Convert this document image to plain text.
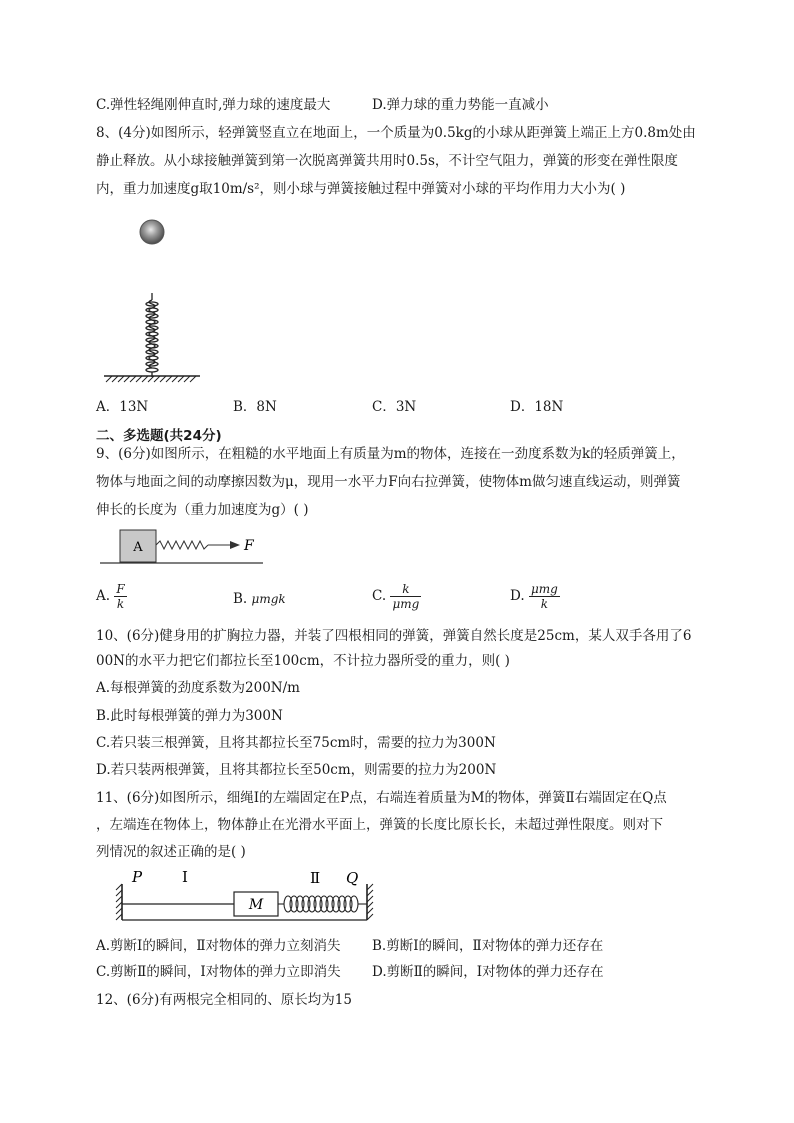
C.弹性轻绳刚伸直时,弹力球的速度最大	D.弹力球的重力势能一直减小
8、(4分)如图所示，轻弹簧竖直立在地面上，一个质量为0.5kg的小球从距弹簧上端正上方0.8m处由
静止释放。从小球接触弹簧到第一次脱离弹簧共用时0.5s，不计空气阻力，弹簧的形变在弹性限度
内，重力加速度g取10m/s²，则小球与弹簧接触过程中弹簧对小球的平均作用力大小为( )
A．13N	B．8N	C．3N	D．18N
二、多选题(共24分)
9、(6分)如图所示，在粗糙的水平地面上有质量为m的物体，连接在一劲度系数为k的轻质弹簧上，
物体与地面之间的动摩擦因数为μ，现用一水平力F向右拉弹簧，使物体m做匀速直线运动，则弹簧
伸长的长度为（重力加速度为g）( )
A	F
A. $\frac{F}{k}$	B. μmgk	C. $\frac{k}{\text{μmg}}$	D. $\frac{\text{μmg}}{k}$
10、(6分)健身用的扩胸拉力器，并装了四根相同的弹簧，弹簧自然长度是25cm，某人双手各用了6
00N的水平力把它们都拉长至100cm，不计拉力器所受的重力，则( )
A.每根弹簧的劲度系数为200N/m
B.此时每根弹簧的弹力为300N
C.若只装三根弹簧，且将其都拉长至75cm时，需要的拉力为300N
D.若只装两根弹簧，且将其都拉长至50cm，则需要的拉力为200N
11、(6分)如图所示，细绳Ⅰ的左端固定在P点，右端连着质量为M的物体，弹簧Ⅱ右端固定在Q点
，左端连在物体上，物体静止在光滑水平面上，弹簧的长度比原长长，未超过弹性限度。则对下
列情况的叙述正确的是( )
P	Ⅰ
M
Ⅱ Q
A.剪断Ⅰ的瞬间，Ⅱ对物体的弹力立刻消失 B.剪断Ⅰ的瞬间，Ⅱ对物体的弹力还存在
C.剪断Ⅱ的瞬间，Ⅰ对物体的弹力立即消失 D.剪断Ⅱ的瞬间，Ⅰ对物体的弹力还存在
12、(6分)有两根完全相同的、原长均为15
